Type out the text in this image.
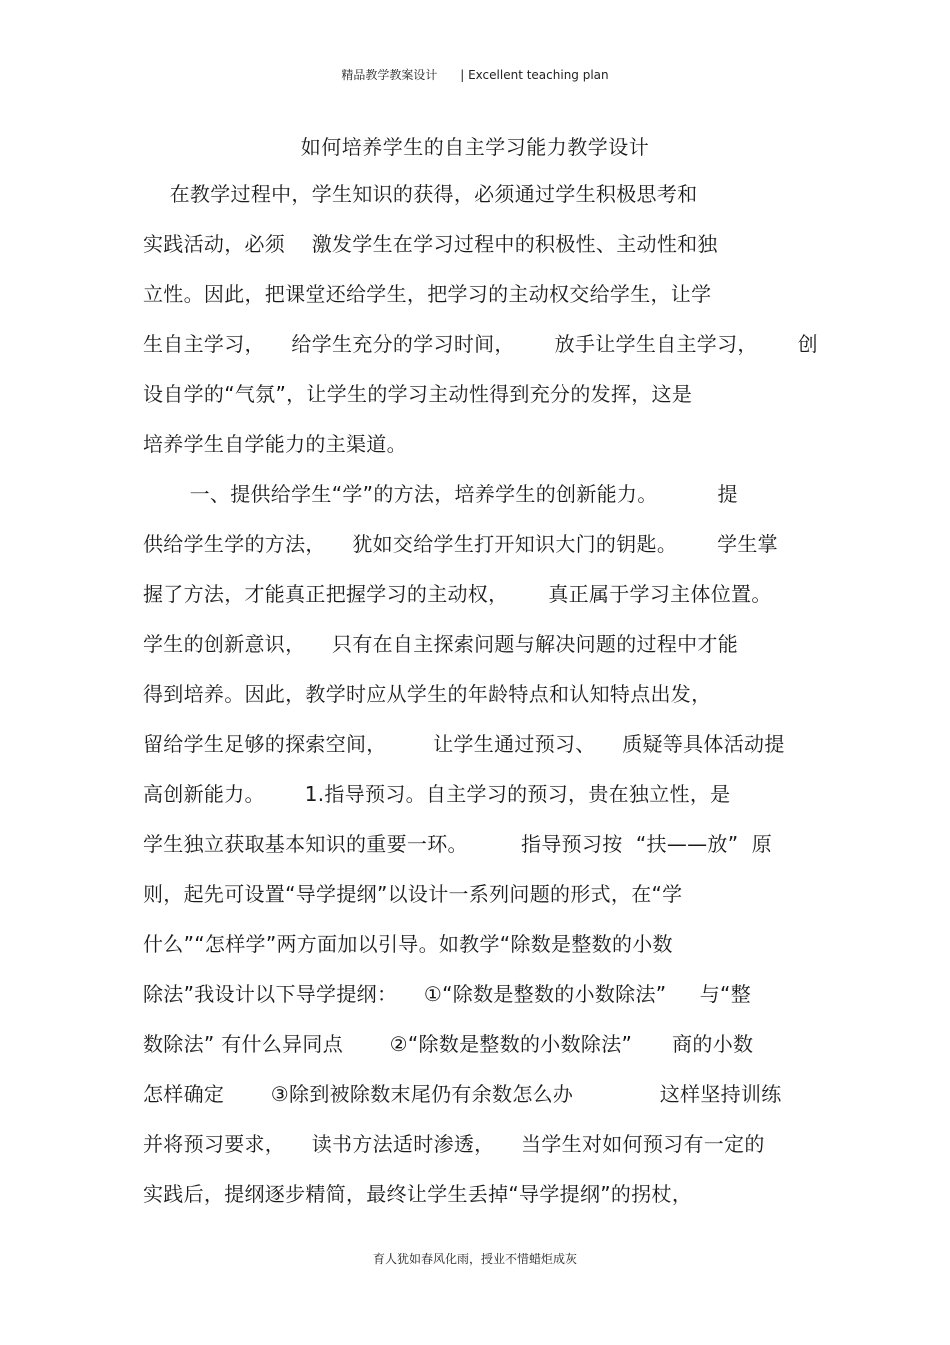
精品教学教案设计      | Excellent teaching plan
如何培养学生的自主学习能力教学设计
在教学过程中，学生知识的获得，必须通过学生积极思考和
实践活动，必须    激发学生在学习过程中的积极性、主动性和独
立性。因此，把课堂还给学生，把学习的主动权交给学生，让学
生自主学习，    给学生充分的学习时间，      放手让学生自主学习，      创
设自学的“气氛”，让学生的学习主动性得到充分的发挥，这是
培养学生自学能力的主渠道。
一、提供给学生“学”的方法，培养学生的创新能力。         提
供给学生学的方法，    犹如交给学生打开知识大门的钥匙。      学生掌
握了方法，才能真正把握学习的主动权，      真正属于学习主体位置。
学生的创新意识，    只有在自主探索问题与解决问题的过程中才能
得到培养。因此，教学时应从学生的年龄特点和认知特点出发，
留给学生足够的探索空间，       让学生通过预习、    质疑等具体活动提
高创新能力。      1.指导预习。自主学习的预习，贵在独立性，是
学生独立获取基本知识的重要一环。        指导预习按  “扶——放”  原
则，起先可设置“导学提纲”以设计一系列问题的形式，在“学
什么”“怎样学”两方面加以引导。如教学“除数是整数的小数
除法”我设计以下导学提纲：    ①“除数是整数的小数除法”     与“整
数除法” 有什么异同点       ②“除数是整数的小数除法”      商的小数
怎样确定       ③除到被除数末尾仍有余数怎么办             这样坚持训练
并将预习要求，    读书方法适时渗透，    当学生对如何预习有一定的
实践后，提纲逐步精简，最终让学生丢掉“导学提纲”的拐杖，
育人犹如春风化雨，授业不惜蜡炬成灰
